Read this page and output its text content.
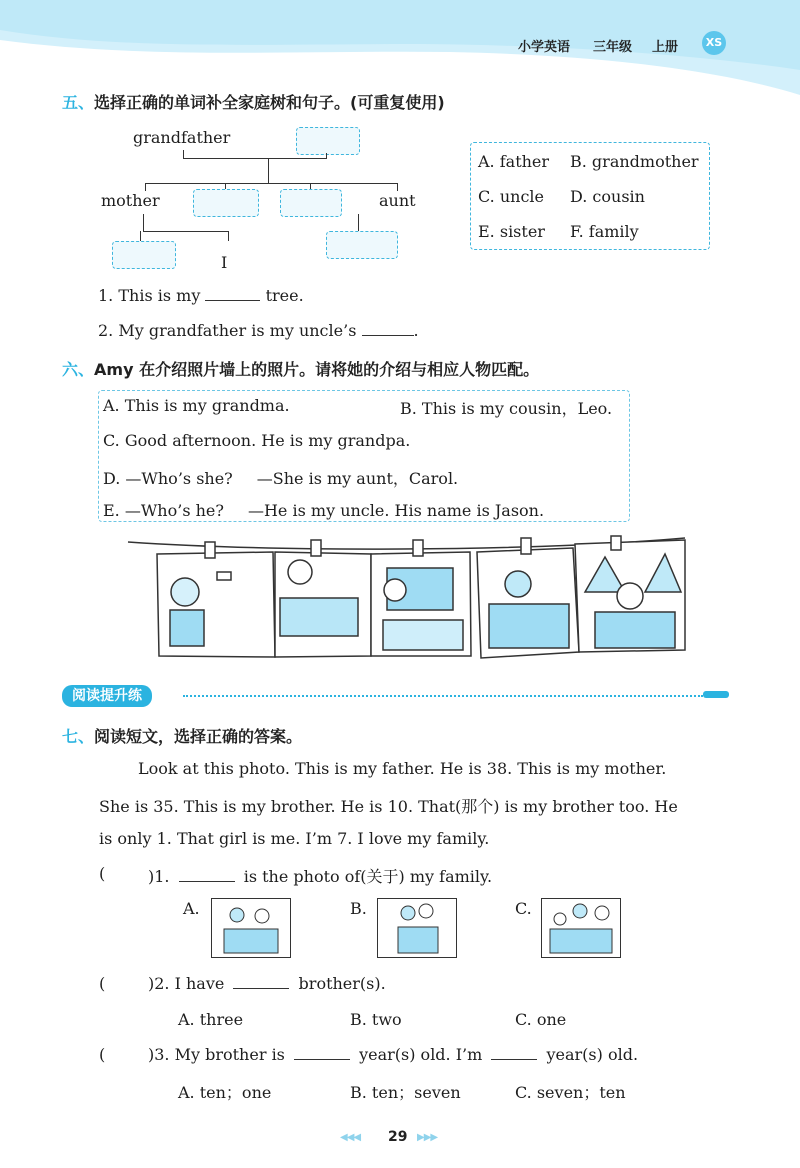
小学英语 三年级 上册	XS
五、选择正确的单词补全家庭树和句子。(可重复使用)
grandfather
mother	aunt
I
A. father B. grandmother
C. uncle D. cousin
E. sister F. family
1. This is my	tree.
2. My grandfather is my uncle’s	.
六、Amy 在介绍照片墙上的照片。请将她的介绍与相应人物匹配。
A. This is my grandma.	B. This is my cousin，Leo.
C. Good afternoon. He is my grandpa.
D. —Who’s she? —She is my aunt，Carol.
E. —Who’s he? —He is my uncle. His name is Jason.
阅读提升练
七、阅读短文，选择正确的答案。
Look at this photo. This is my father. He is 38. This is my mother.
She is 35. This is my brother. He is 10. That(那个) is my brother too. He
is only 1. That girl is me. I’m 7. I love my family.
(	)1.	is the photo of(关于) my family.
A.	B.	C.
(	)2. I have	brother(s).
A. three	B. two	C. one
(	)3. My brother is	year(s) old. I’m	year(s) old.
A. ten；one	B. ten；seven	C. seven；ten
◀◀◀ 29 ▶▶▶
